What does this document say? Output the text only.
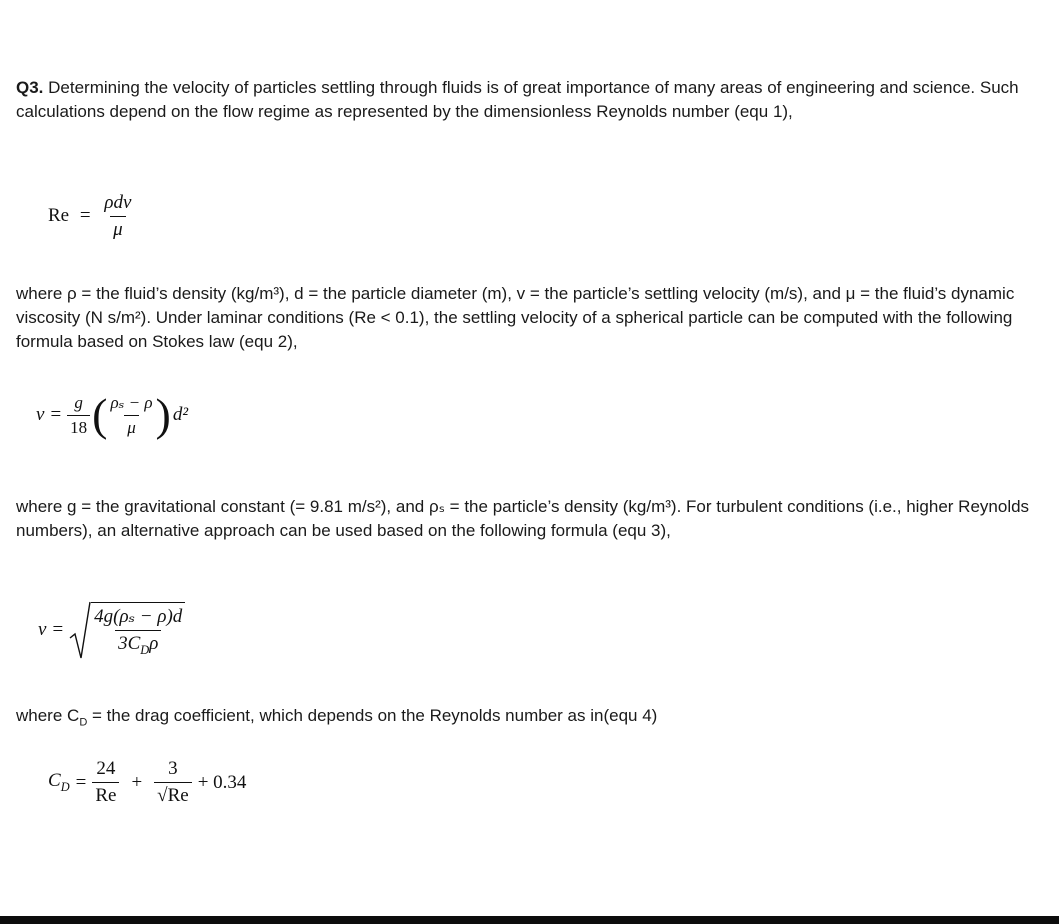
Q3. Determining the velocity of particles settling through fluids is of great importance of many areas of engineering and science. Such calculations depend on the flow regime as represented by the dimensionless Reynolds number (equ 1),

$Re = \frac{\text{ρdv}}{\mu}$

where ρ = the fluid’s density (kg/m³), d = the particle diameter (m), v = the particle’s settling velocity (m/s), and μ = the fluid’s dynamic viscosity (N s/m²). Under laminar conditions (Re < 0.1), the settling velocity of a spherical particle can be computed with the following formula based on Stokes law (equ 2),

$v = \frac{g}{18}$ ( $\frac{\text{ρₛ − ρ}}{\mu}$ ) d²

where g = the gravitational constant (= 9.81 m/s²), and ρₛ = the particle’s density (kg/m³). For turbulent conditions (i.e., higher Reynolds numbers), an alternative approach can be used based on the following formula (equ 3),

$v = \frac{\text{4g(ρₛ − ρ)d}}{3C_D\rho}$

where $C_D$ = the drag coefficient, which depends on the Reynolds number as in(equ 4)

$C_D = \frac{24}{Re} + \frac{3}{√Re} + 0.34$
